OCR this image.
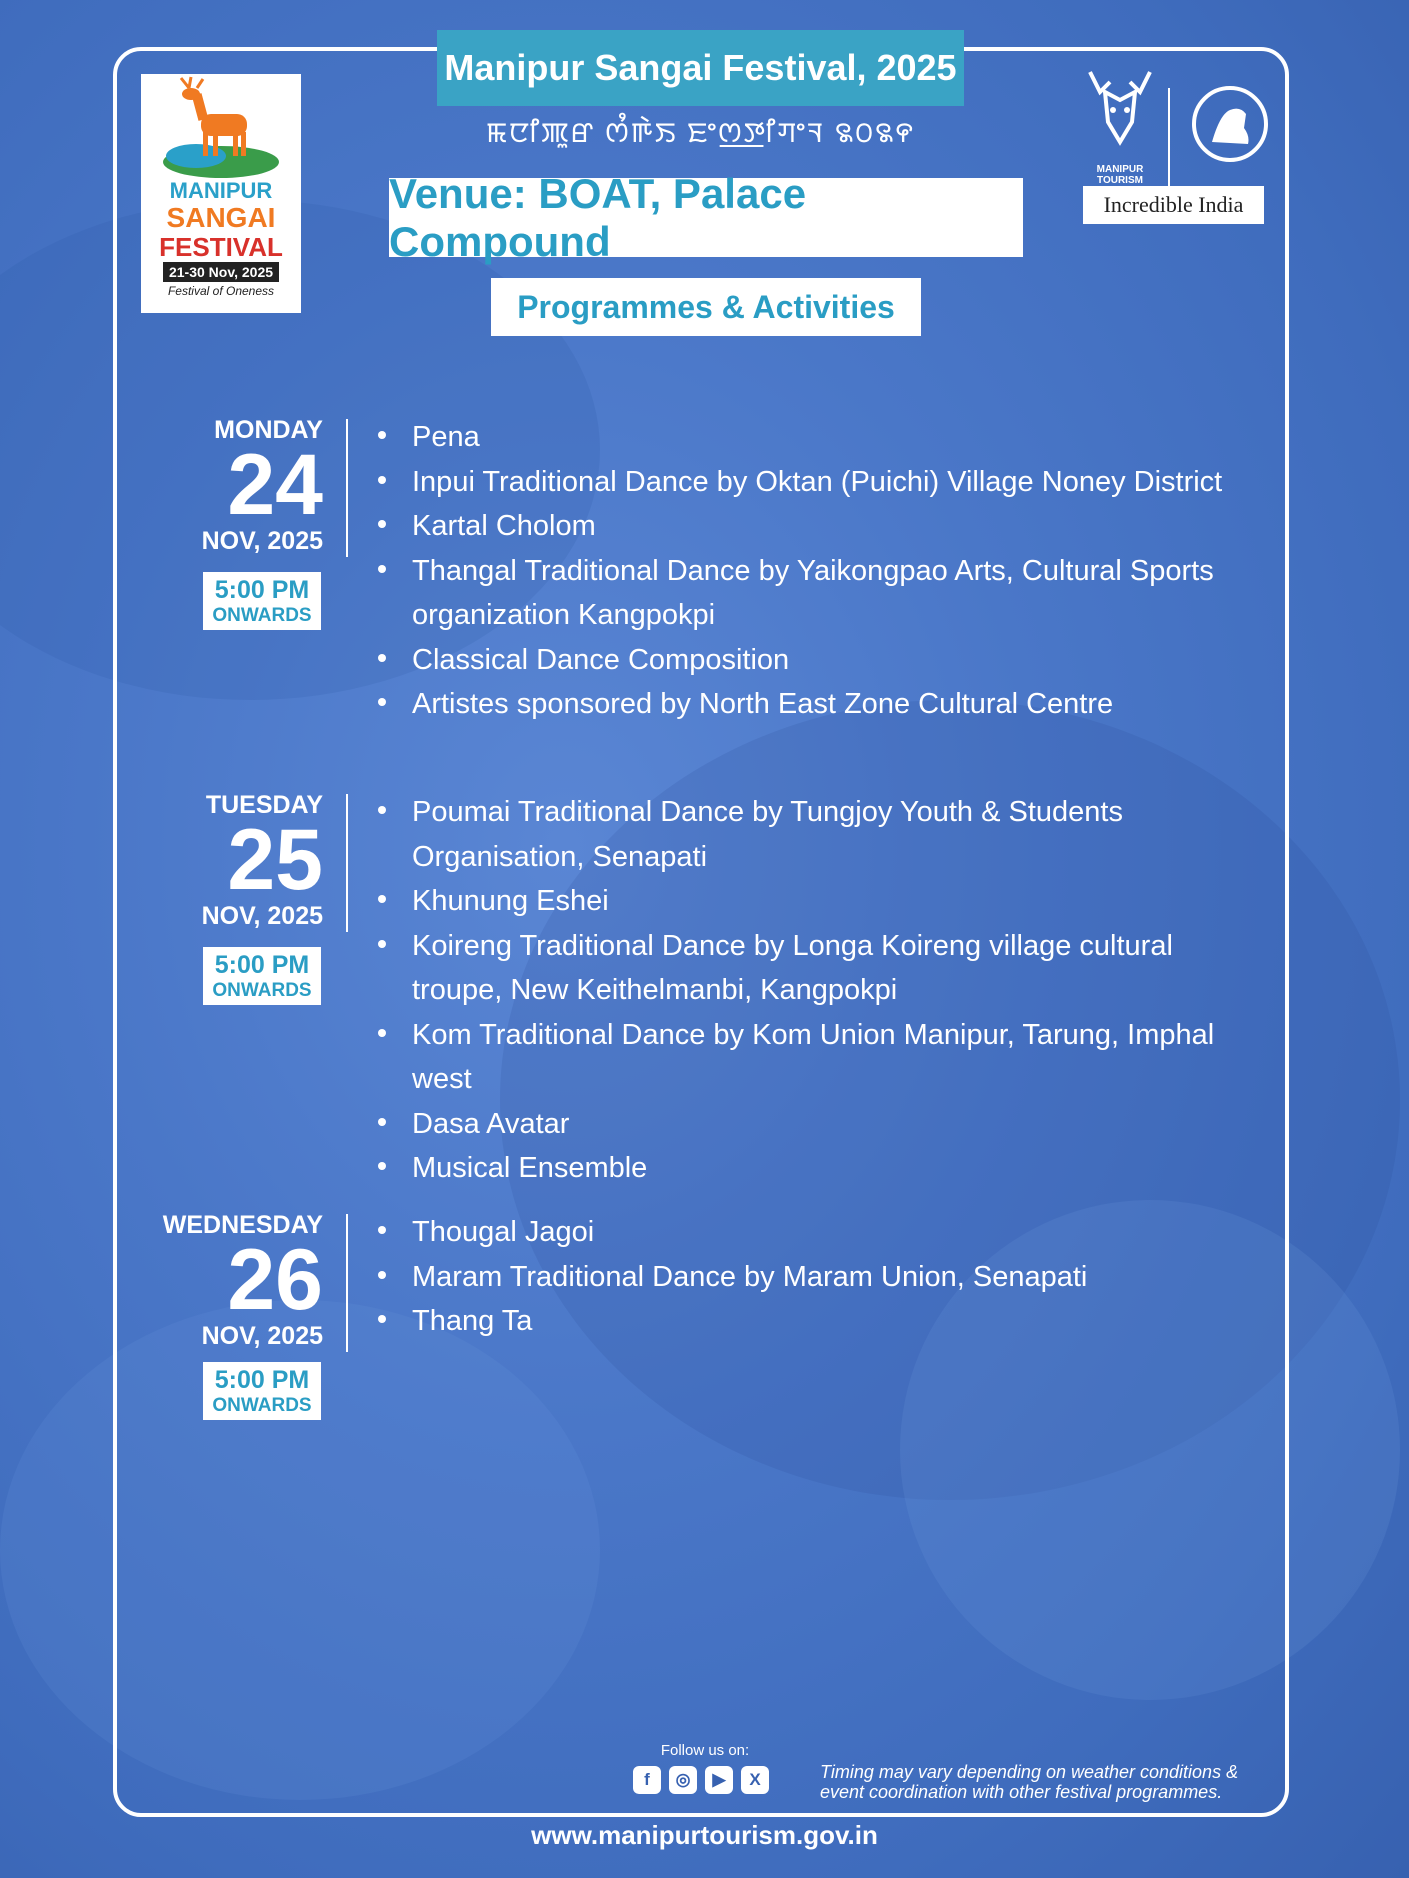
Manipur Sangai Festival, 2025
ꯃꯅꯤꯄꯨꯔ ꯁꯪꯒꯥꯏ ꯐꯦꯁ꯭ꯇꯤꯚꯦꯜ ꯲꯰꯲꯵
Venue: BOAT, Palace Compound
Programmes & Activities
MANIPUR
SANGAI
FESTIVAL
21-30 Nov, 2025
Festival of Oneness
MANIPUR TOURISM
Incredible India
MONDAY
24
NOV, 2025
5:00 PM
ONWARDS
Pena
Inpui Traditional Dance by Oktan (Puichi) Village Noney District
Kartal Cholom
Thangal Traditional Dance by Yaikongpao Arts, Cultural Sports organization Kangpokpi
Classical Dance Composition
Artistes sponsored by North East Zone Cultural Centre
TUESDAY
25
NOV, 2025
5:00 PM
ONWARDS
Poumai Traditional Dance by Tungjoy Youth & Students Organisation, Senapati
Khunung Eshei
Koireng Traditional Dance by Longa Koireng village cultural troupe, New Keithelmanbi, Kangpokpi
Kom Traditional Dance by Kom Union Manipur, Tarung, Imphal west
Dasa Avatar
Musical Ensemble
WEDNESDAY
26
NOV, 2025
5:00 PM
ONWARDS
Thougal Jagoi
Maram Traditional Dance by Maram Union, Senapati
Thang Ta
Follow us on:
f	◎	▶	X	Timing may vary depending on weather conditions & event coordination with other festival programmes.
www.manipurtourism.gov.in
